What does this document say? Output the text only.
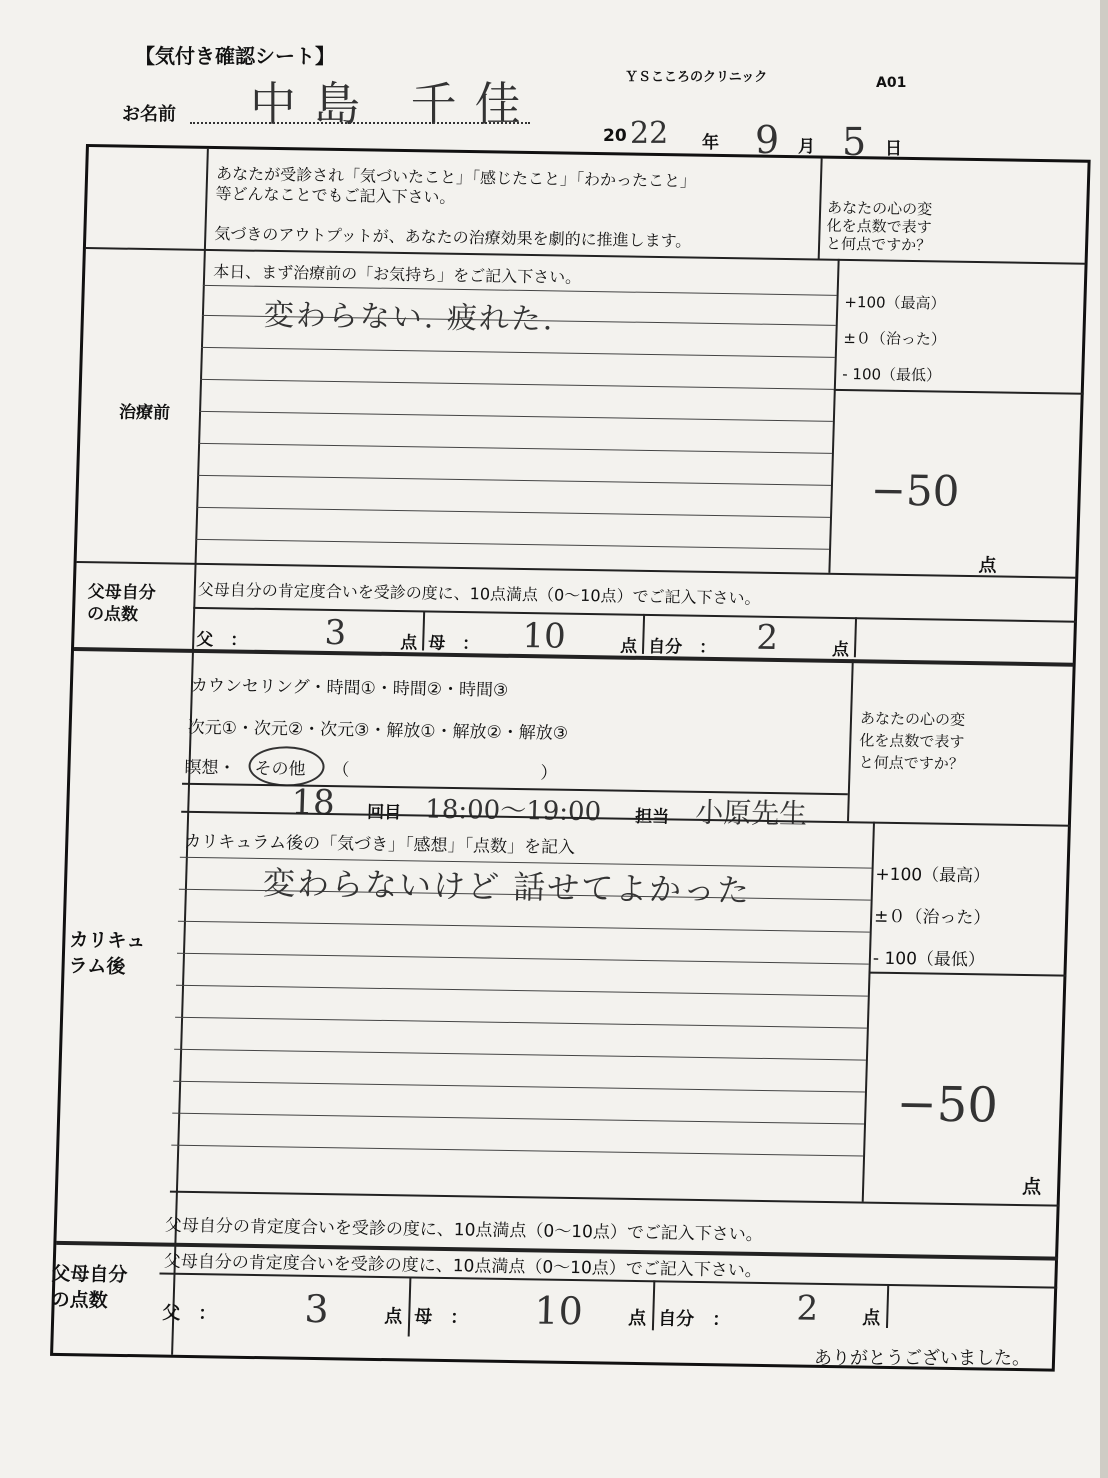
【気付き確認シート】
ＹＳこころのクリニック	A01
お名前 中島 千佳
20 22 年 9 月 5 日
あなたが受診され「気づいたこと」「感じたこと」「わかったこと」
等どんなことでもご記入下さい。
気づきのアウトプットが、あなたの治療効果を劇的に推進します。
あなたの心の変
化を点数で表す
と何点ですか？
治療前
本日、まず治療前の「お気持ち」をご記入下さい。
変わらない. 疲れた.	+100（最高）
±０（治った）
- 100（最低）
−50
点
父母自分
の点数
父母自分の肯定度合いを受診の度に、10点満点（0〜10点）でご記入下さい。
父　： 3	点 母　： 10	点 自分　： 2	点
カウンセリング・時間①・時間②・時間③
次元①・次元②・次元③・解放①・解放②・解放③
瞑想・ その他 （	）
18 回目 18:00〜19:00 担当 小原先生
あなたの心の変
化を点数で表す
と何点ですか？
カリキュ
ラム後
カリキュラム後の「気づき」「感想」「点数」を記入
変わらないけど 話せてよかった	+100（最高）
±０（治った）
- 100（最低）
−50
点
父母自分の肯定度合いを受診の度に、10点満点（0〜10点）でご記入下さい。
父母自分
の点数
父母自分の肯定度合いを受診の度に、10点満点（0〜10点）でご記入下さい。
父　： 3	点 母　： 10 点 自分　： 2 点
ありがとうございました。
